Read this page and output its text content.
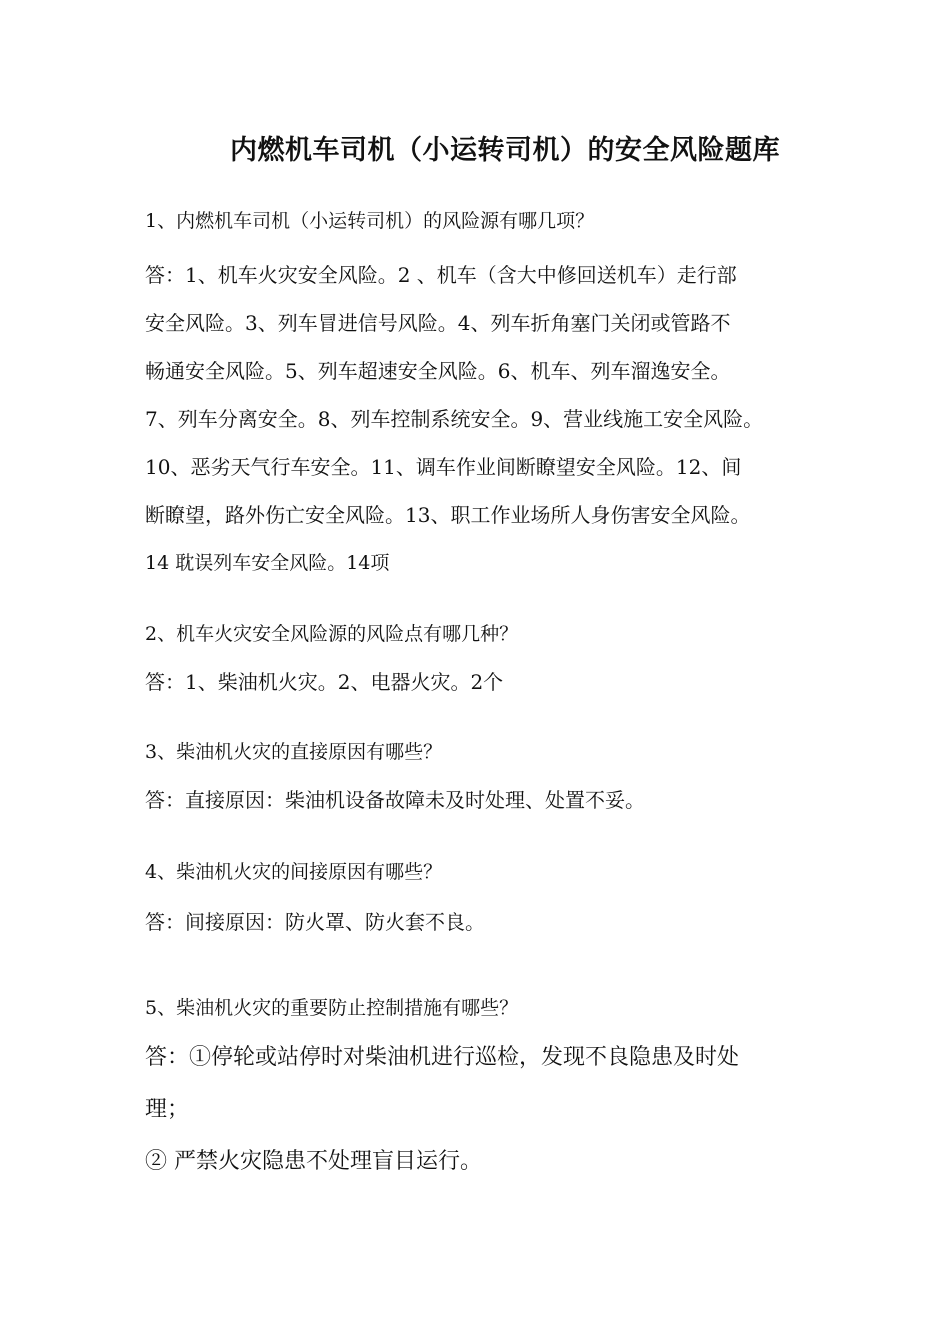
内燃机车司机（小运转司机）的安全风险题库
1、内燃机车司机（小运转司机）的风险源有哪几项？
答：1、机车火灾安全风险。2 、机车（含大中修回送机车）走行部
安全风险。3、列车冒进信号风险。4、列车折角塞门关闭或管路不
畅通安全风险。5、列车超速安全风险。6、机车、列车溜逸安全。
7、列车分离安全。8、列车控制系统安全。9、营业线施工安全风险。
10、恶劣天气行车安全。11、调车作业间断瞭望安全风险。12、间
断瞭望，路外伤亡安全风险。13、职工作业场所人身伤害安全风险。
14 耽误列车安全风险。14项
2、机车火灾安全风险源的风险点有哪几种？
答：1、柴油机火灾。2、电器火灾。2个
3、柴油机火灾的直接原因有哪些？
答：直接原因：柴油机设备故障未及时处理、处置不妥。
4、柴油机火灾的间接原因有哪些？
答：间接原因：防火罩、防火套不良。
5、柴油机火灾的重要防止控制措施有哪些？
答：①停轮或站停时对柴油机进行巡检，发现不良隐患及时处
理；
② 严禁火灾隐患不处理盲目运行。
